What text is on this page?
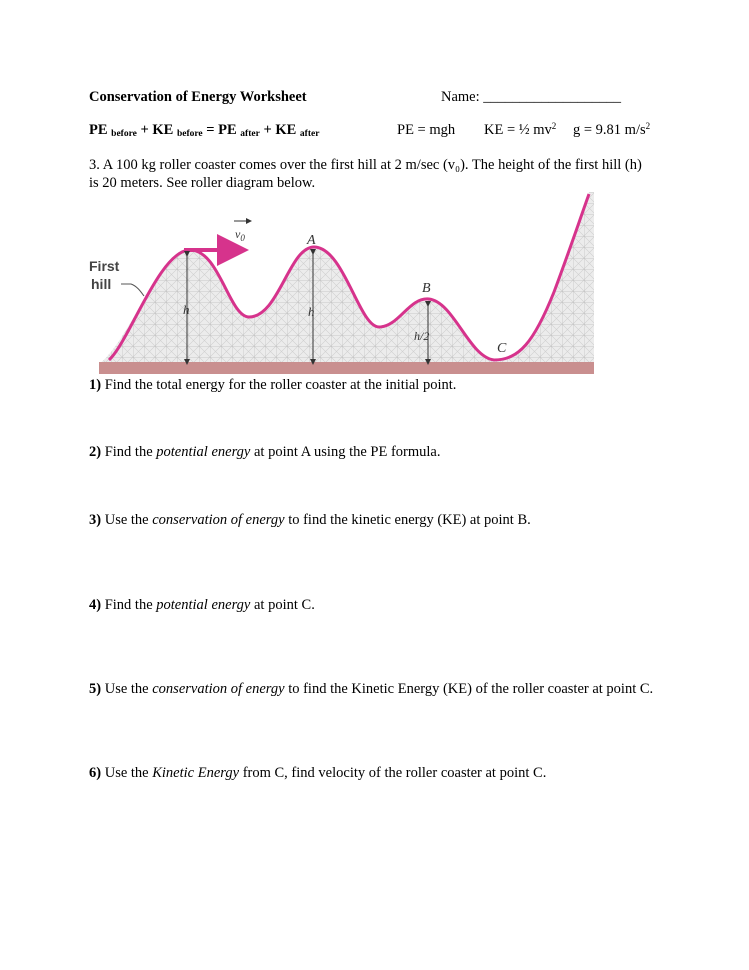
Conservation of Energy Worksheet	Name: ___________________
PE $_{before}$ + KE $_{before}$ = PE $_{after}$ + KE $_{after}$	PE = mgh KE = ½ $mv^2$ g = 9.81 $m/s^2$
3. A 100 kg roller coaster comes over the first hill at 2 m/sec (v₀). The height of the first hill (h)
is 20 meters. See roller diagram below.
First
hill
$v_0$	A
B
C
h	h
h/2
1) Find the total energy for the roller coaster at the initial point.
2) Find the potential energy at point A using the PE formula.
3) Use the conservation of energy to find the kinetic energy (KE) at point B.
4) Find the potential energy at point C.
5) Use the conservation of energy to find the Kinetic Energy (KE) of the roller coaster at point C.
6) Use the Kinetic Energy from C, find velocity of the roller coaster at point C.
